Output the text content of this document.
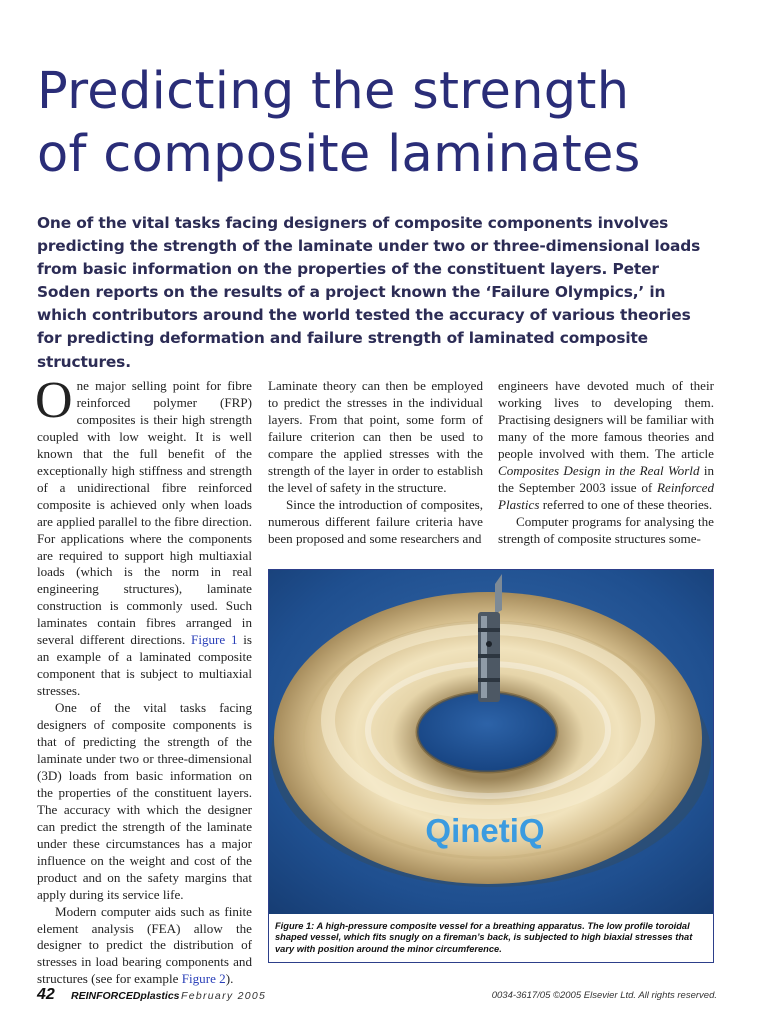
Predicting the strength
of composite laminates

One of the vital tasks facing designers of composite components involves predicting the strength of the laminate under two or three-dimensional loads from basic information on the properties of the constituent layers. Peter Soden reports on the results of a project known the ‘Failure Olympics,’ in which contributors around the world tested the accuracy of various theories for predicting deformation and failure strength of laminated composite structures.

One major selling point for fibre reinforced polymer (FRP) composites is their high strength coupled with low weight. It is well known that the full benefit of the exceptionally high stiffness and strength of a unidirectional fibre reinforced composite is achieved only when loads are applied parallel to the fibre direction. For applications where the components are required to support high multiaxial loads (which is the norm in real engineering structures), laminate construction is commonly used. Such laminates contain fibres arranged in several different directions. Figure 1 is an example of a laminated composite component that is subject to multiaxial stresses.

One of the vital tasks facing designers of composite components is that of predicting the strength of the laminate under two or three-dimensional (3D) loads from basic information on the properties of the constituent layers. The accuracy with which the designer can predict the strength of the laminate under these circumstances has a major influence on the weight and cost of the product and on the safety margins that apply during its service life.

Modern computer aids such as finite element analysis (FEA) allow the designer to predict the distribution of stresses in load bearing components and structures (see for example Figure 2).

Laminate theory can then be employed to predict the stresses in the individual layers. From that point, some form of failure criterion can then be used to compare the applied stresses with the strength of the layer in order to establish the level of safety in the structure.

Since the introduction of composites, numerous different failure criteria have been proposed and some researchers and

engineers have devoted much of their working lives to developing them. Practising designers will be familiar with many of the more famous theories and people involved with them. The article Composites Design in the Real World in the September 2003 issue of Reinforced Plastics referred to one of these theories.

Computer programs for analysing the strength of composite structures some-

QinetiQ

Figure 1: A high-pressure composite vessel for a breathing apparatus. The low profile toroidal shaped vessel, which fits snugly on a fireman’s back, is subjected to high biaxial stresses that vary with position around the minor circumference.

42 REINFORCEDplastics February 2005	0034-3617/05 ©2005 Elsevier Ltd. All rights reserved.
